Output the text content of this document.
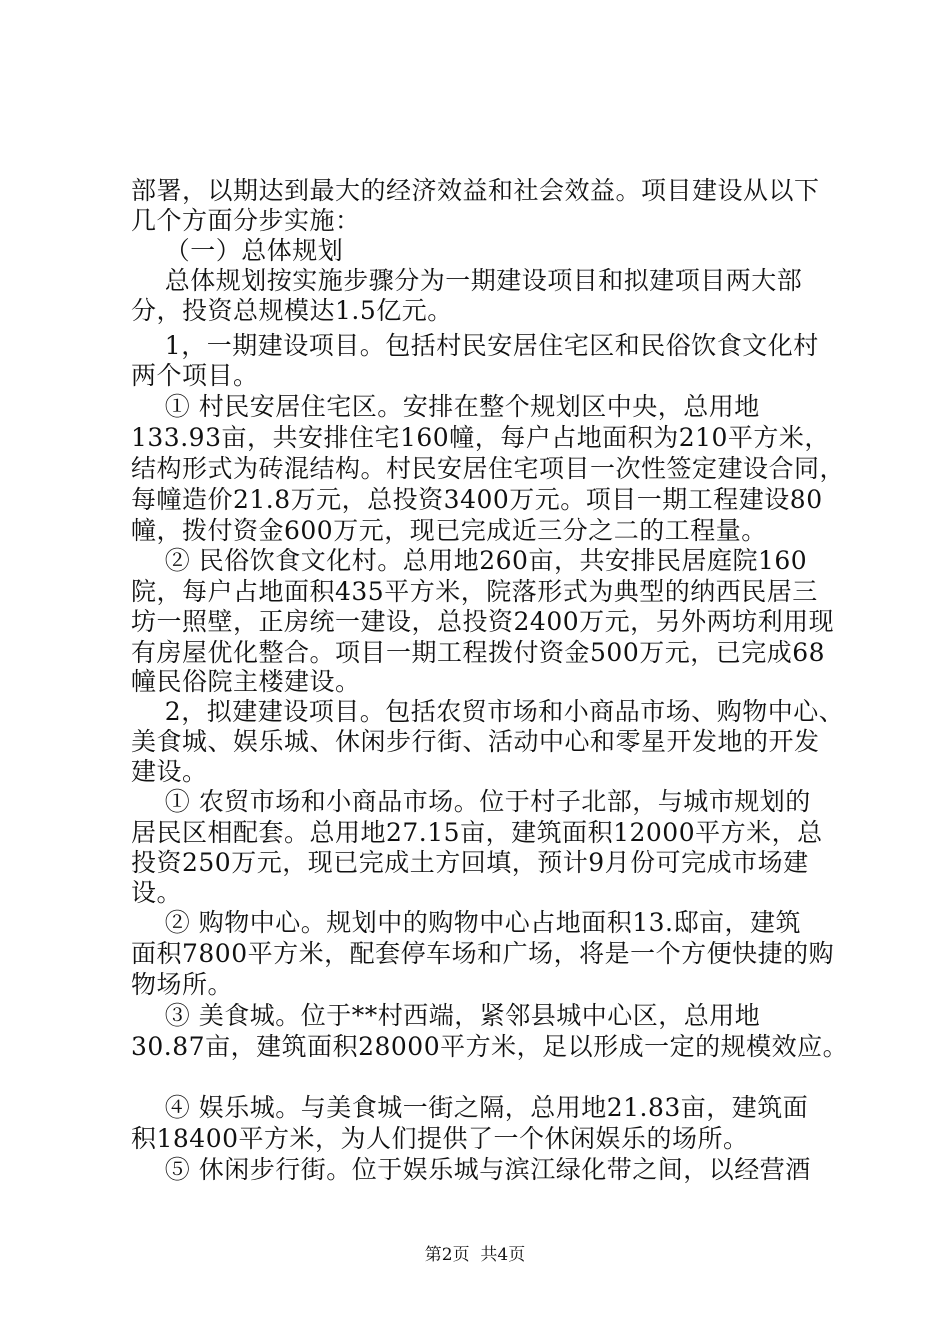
部署，以期达到最大的经济效益和社会效益。项目建设从以下
几个方面分步实施：
（一）总体规划
总体规划按实施步骤分为一期建设项目和拟建项目两大部
分，投资总规模达1.5亿元。
1，一期建设项目。包括村民安居住宅区和民俗饮食文化村
两个项目。
① 村民安居住宅区。安排在整个规划区中央，总用地
133.93亩，共安排住宅160幢，每户占地面积为210平方米，
结构形式为砖混结构。村民安居住宅项目一次性签定建设合同，
每幢造价21.8万元，总投资3400万元。项目一期工程建设80
幢，拨付资金600万元，现已完成近三分之二的工程量。
② 民俗饮食文化村。总用地260亩，共安排民居庭院160
院，每户占地面积435平方米，院落形式为典型的纳西民居三
坊一照壁，正房统一建设，总投资2400万元，另外两坊利用现
有房屋优化整合。项目一期工程拨付资金500万元，已完成68
幢民俗院主楼建设。
2，拟建建设项目。包括农贸市场和小商品市场、购物中心、
美食城、娱乐城、休闲步行街、活动中心和零星开发地的开发
建设。
① 农贸市场和小商品市场。位于村子北部，与城市规划的
居民区相配套。总用地27.15亩，建筑面积12000平方米，总
投资250万元，现已完成土方回填，预计9月份可完成市场建
设。
② 购物中心。规划中的购物中心占地面积13.邸亩，建筑
面积7800平方米，配套停车场和广场，将是一个方便快捷的购
物场所。
③ 美食城。位于**村西端，紧邻县城中心区，总用地
30.87亩，建筑面积28000平方米，足以形成一定的规模效应。
④ 娱乐城。与美食城一街之隔，总用地21.83亩，建筑面
积18400平方米，为人们提供了一个休闲娱乐的场所。
⑤ 休闲步行街。位于娱乐城与滨江绿化带之间，以经营酒
第2页  共4页
